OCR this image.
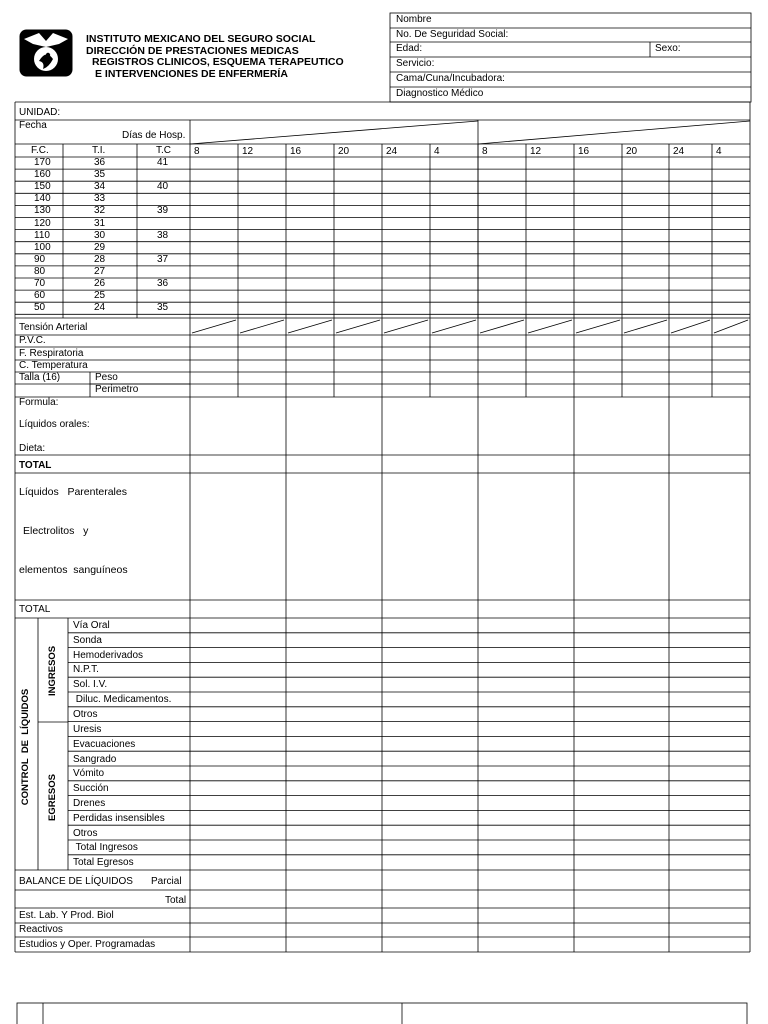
INSTITUTO MEXICANO DEL SEGURO SOCIAL
DIRECCIÓN DE PRESTACIONES MEDICAS
REGISTROS CLINICOS, ESQUEMA TERAPEUTICO
E INTERVENCIONES DE ENFERMERÍA
Nombre
No. De Seguridad Social:
Edad:	Sexo:
Servicio:
Cama/Cuna/Incubadora:
Diagnostico Médico
UNIDAD:
Fecha
Días de Hosp.
F.C.	T.I.	T.C
170	36	41
160	35
150	34	40
140	33
130	32	39
120	31
110	30	38
100	29
90	28	37
80	27
70	26	36
60	25
50	24	35
8	12	16	20	24	4	8	12	16	20	24	4
Tensión Arterial
P.V.C.
F. Respiratoria
C. Temperatura
Talla (16)	Peso
Perimetro
Formula:
Líquidos orales:
Dieta:
TOTAL
Líquidos   Parenterales
Electrolitos   y
elementos  sanguíneos
TOTAL
CONTROL  DE  LÍQUIDOS
INGRESOS
EGRESOS
Vía Oral
Sonda
Hemoderivados
N.P.T.
Sol. I.V.
Diluc. Medicamentos.
Otros
Uresis
Evacuaciones
Sangrado
Vómito
Succión
Drenes
Perdidas insensibles
Otros
Total Ingresos
Total Egresos
BALANCE DE LÍQUIDOS Parcial
Total
Est. Lab. Y Prod. Biol
Reactivos
Estudios y Oper. Programadas
